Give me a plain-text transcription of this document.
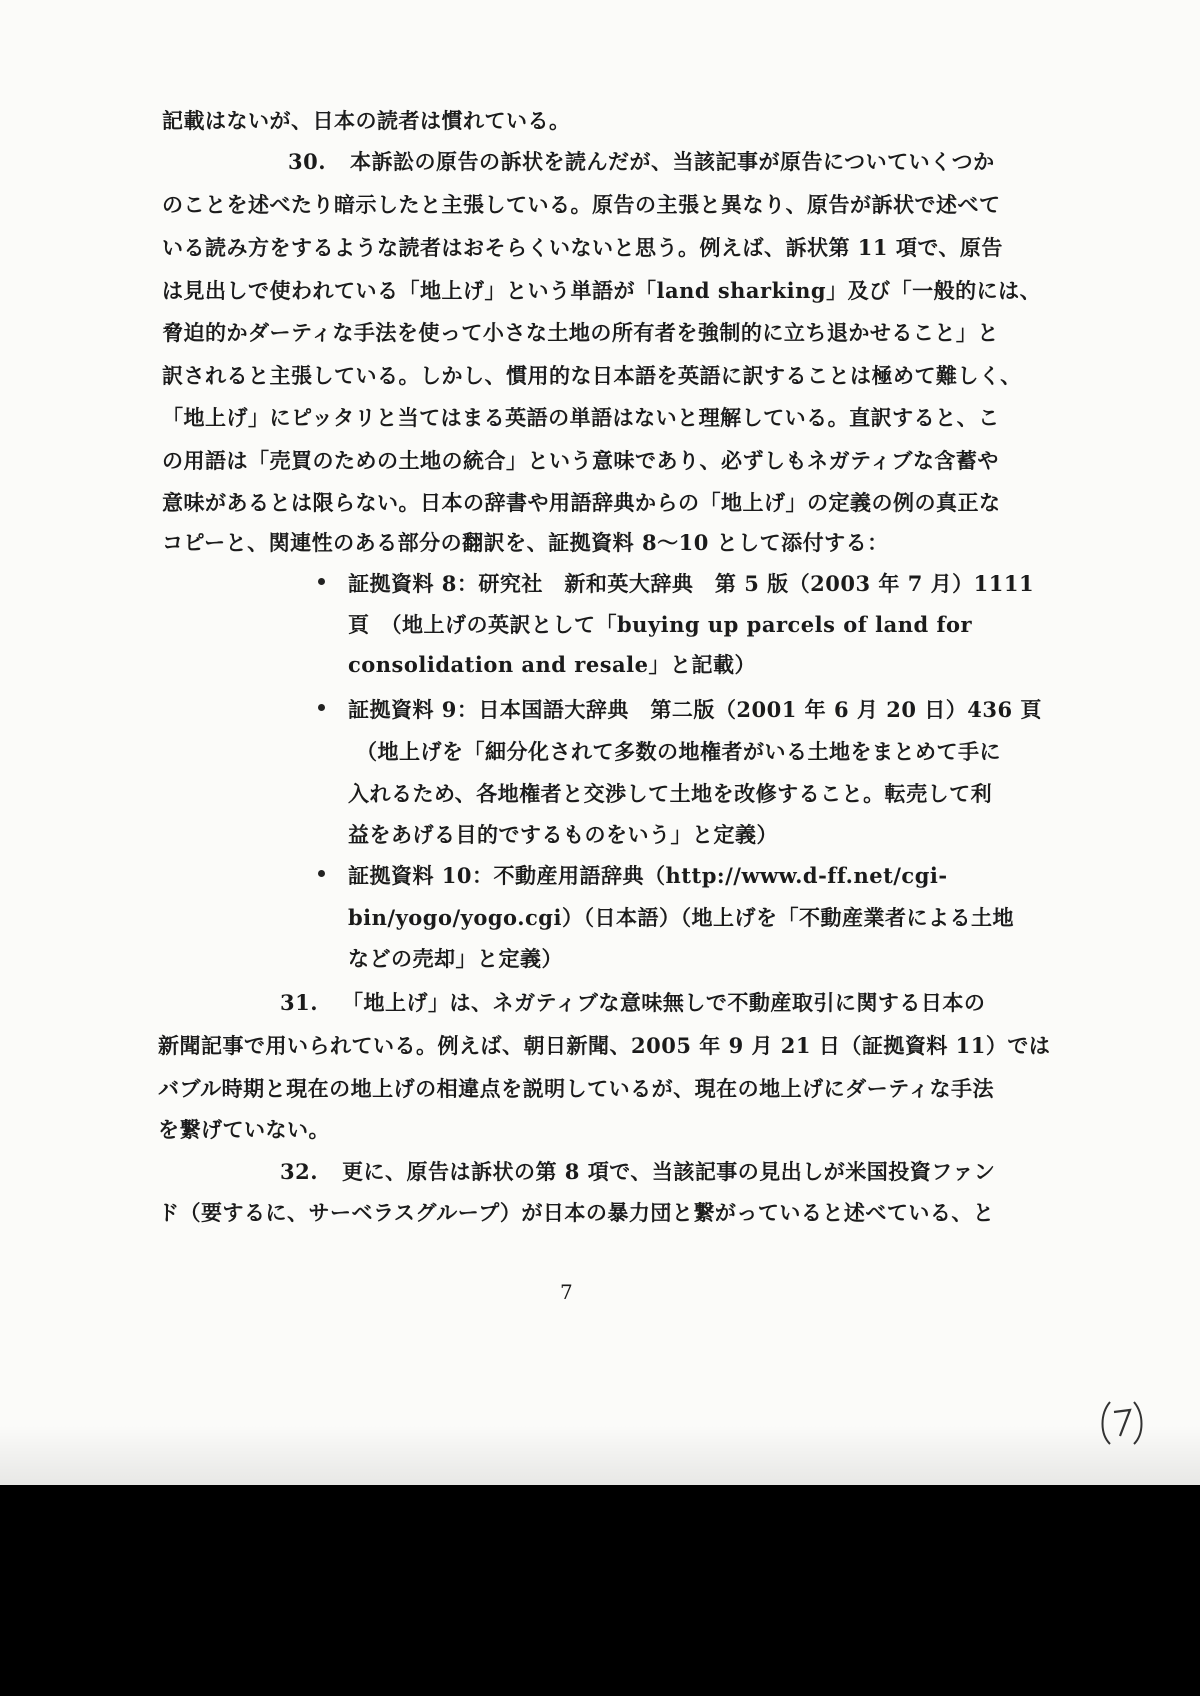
記載はないが、日本の読者は慣れている。
30. 本訴訟の原告の訴状を読んだが、当該記事が原告についていくつか
のことを述べたり暗示したと主張している。原告の主張と異なり、原告が訴状で述べて
いる読み方をするような読者はおそらくいないと思う。例えば、訴状第 11 項で、原告
は見出しで使われている「地上げ」という単語が「land sharking」及び「一般的には、
脅迫的かダーティな手法を使って小さな土地の所有者を強制的に立ち退かせること」と
訳されると主張している。しかし、慣用的な日本語を英語に訳することは極めて難しく、
「地上げ」にピッタリと当てはまる英語の単語はないと理解している。直訳すると、こ
の用語は「売買のための土地の統合」という意味であり、必ずしもネガティブな含蓄や
意味があるとは限らない。日本の辞書や用語辞典からの「地上げ」の定義の例の真正な
コピーと、関連性のある部分の翻訳を、証拠資料 8～10 として添付する：
証拠資料 8：研究社　新和英大辞典　第 5 版（2003 年 7 月）1111
頁　（地上げの英訳として「buying up parcels of land for
consolidation and resale」と記載）
証拠資料 9：日本国語大辞典　第二版（2001 年 6 月 20 日）436 頁
（地上げを「細分化されて多数の地権者がいる土地をまとめて手に
入れるため、各地権者と交渉して土地を改修すること。転売して利
益をあげる目的でするものをいう」と定義）
証拠資料 10：不動産用語辞典（http://www.d-ff.net/cgi-
bin/yogo/yogo.cgi）（日本語）（地上げを「不動産業者による土地
などの売却」と定義）
31. 「地上げ」は、ネガティブな意味無しで不動産取引に関する日本の
新聞記事で用いられている。例えば、朝日新聞、2005 年 9 月 21 日（証拠資料 11）では
バブル時期と現在の地上げの相違点を説明しているが、現在の地上げにダーティな手法
を繋げていない。
32. 更に、原告は訴状の第 8 項で、当該記事の見出しが米国投資ファン
ド（要するに、サーベラスグループ）が日本の暴力団と繋がっていると述べている、と
7
